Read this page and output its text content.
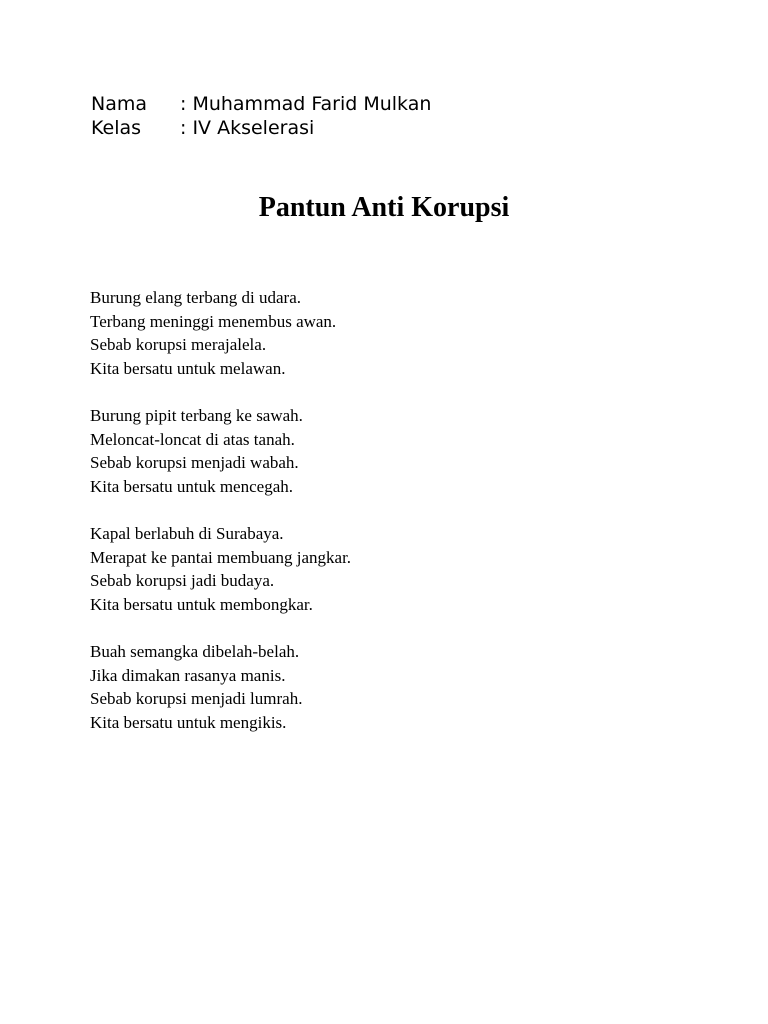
Nama	: Muhammad Farid Mulkan
Kelas	: IV Akselerasi
Pantun Anti Korupsi
Burung elang terbang di udara.
Terbang meninggi menembus awan.
Sebab korupsi merajalela.
Kita bersatu untuk melawan.
Burung pipit terbang ke sawah.
Meloncat-loncat di atas tanah.
Sebab korupsi menjadi wabah.
Kita bersatu untuk mencegah.
Kapal berlabuh di Surabaya.
Merapat ke pantai membuang jangkar.
Sebab korupsi jadi budaya.
Kita bersatu untuk membongkar.
Buah semangka dibelah-belah.
Jika dimakan rasanya manis.
Sebab korupsi menjadi lumrah.
Kita bersatu untuk mengikis.
